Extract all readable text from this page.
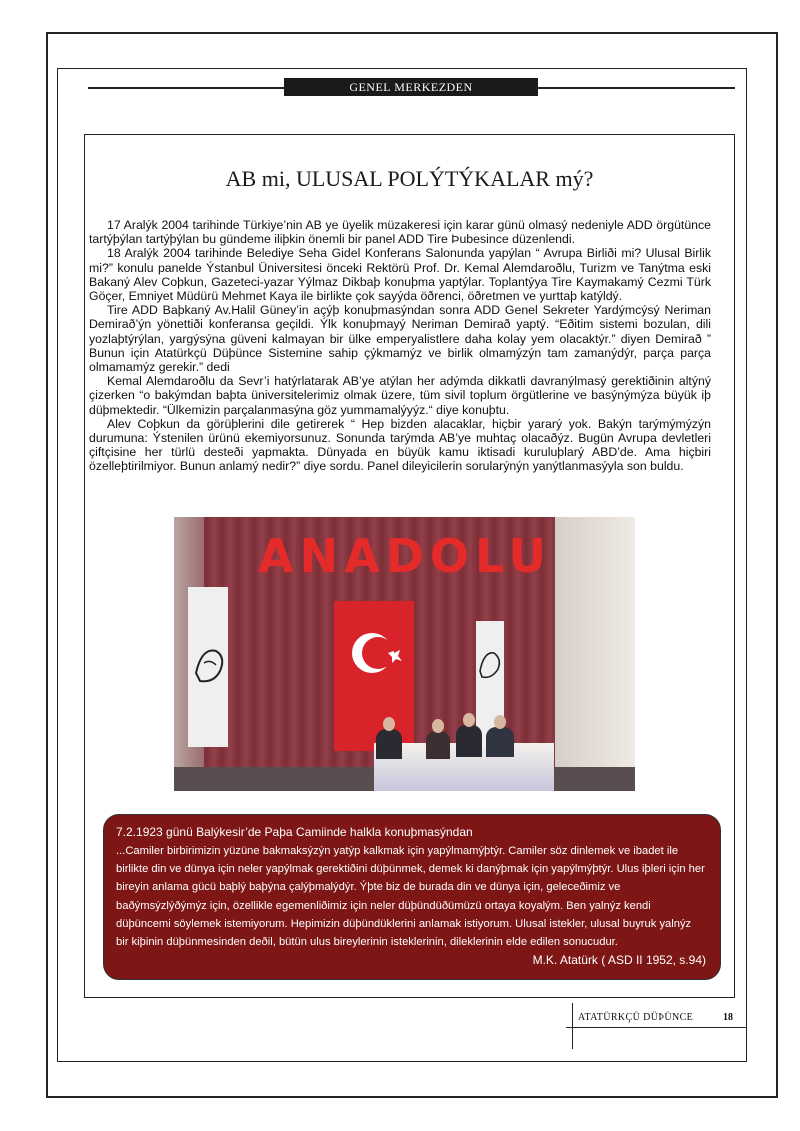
GENEL MERKEZDEN
AB mi, ULUSAL POLÝTÝKALAR mý?

17 Aralýk 2004 tarihinde Türkiye’nin AB ye üyelik müzakeresi için karar günü olmasý nedeniyle ADD örgütünce tartýþýlan tartýþýlan bu gündeme iliþkin önemli bir panel ADD Tire Þubesince düzenlendi.

18 Aralýk 2004 tarihinde Belediye Seha Gidel Konferans Salonunda yapýlan “ Avrupa Birliði mi? Ulusal Birlik mi?” konulu panelde Ýstanbul Üniversitesi önceki Rektörü Prof. Dr. Kemal Alemdaroðlu, Turizm ve Tanýtma eski Bakaný Alev Coþkun, Gazeteci-yazar Yýlmaz Dikbaþ konuþma yaptýlar. Toplantýya Tire Kaymakamý Cezmi Türk Göçer, Emniyet Müdürü Mehmet Kaya ile birlikte çok sayýda öðrenci, öðretmen ve yurttaþ katýldý.

Tire ADD Baþkaný Av.Halil Güney’in açýþ konuþmasýndan sonra ADD Genel Sekreter Yardýmcýsý Neriman Demirað’ýn yönettiði konferansa geçildi. Ýlk konuþmayý Neriman Demirað yaptý. “Eðitim sistemi bozulan, dili yozlaþtýrýlan, yargýsýna güveni kalmayan bir ülke emperyalistlere daha kolay yem olacaktýr.” diyen Demirað ” Bunun için Atatürkçü Düþünce Sistemine sahip çýkmamýz ve birlik olmamýzýn tam zamanýdýr, parça parça olmamamýz gerekir.” dedi

Kemal Alemdaroðlu da Sevr’i hatýrlatarak AB’ye atýlan her adýmda dikkatli davranýlmasý gerektiðinin altýný çizerken “o bakýmdan baþta üniversitelerimiz olmak üzere, tüm sivil toplum örgütlerine ve basýnýmýza büyük iþ düþmektedir. “Ülkemizin parçalanmasýna göz yummamalýyýz.“ diye konuþtu.

Alev Coþkun da görüþlerini dile getirerek “ Hep bizden alacaklar, hiçbir yararý yok. Bakýn tarýmýmýzýn durumuna: Ýstenilen ürünü ekemiyorsunuz. Sonunda tarýmda AB’ye muhtaç olacaðýz. Bugün Avrupa devletleri çiftçisine her türlü desteði yapmakta. Dünyada en büyük kamu iktisadi kuruluþlarý ABD’de. Ama hiçbiri özelleþtirilmiyor. Bunun anlamý nedir?” diye sordu. Panel dileyicilerin sorularýnýn yanýtlanmasýyla son buldu.

ANADOLU
7.2.1923 günü Balýkesir’de Paþa Camiinde halkla konuþmasýndan
...Camiler birbirimizin yüzüne bakmaksýzýn yatýp kalkmak için yapýlmamýþtýr. Camiler söz dinlemek ve ibadet ile birlikte din ve dünya için neler yapýlmak gerektiðini düþünmek, demek ki danýþmak için yapýlmýþtýr. Ulus iþleri için her bireyin anlama gücü baþlý baþýna çalýþmalýdýr. Ýþte biz de burada din ve dünya için, geleceðimiz ve baðýmsýzlýðýmýz için, özellikle egemenliðimiz için neler düþündüðümüzü ortaya koyalým. Ben yalnýz kendi düþüncemi söylemek istemiyorum. Hepimizin düþündüklerini anlamak istiyorum. Ulusal istekler, ulusal buyruk yalnýz bir kiþinin düþünmesinden deðil, bütün ulus bireylerinin isteklerinin, dileklerinin elde edilen sonucudur.
M.K. Atatürk ( ASD II 1952, s.94)
ATATÜRKÇÜ DÜÞÜNCE	18
